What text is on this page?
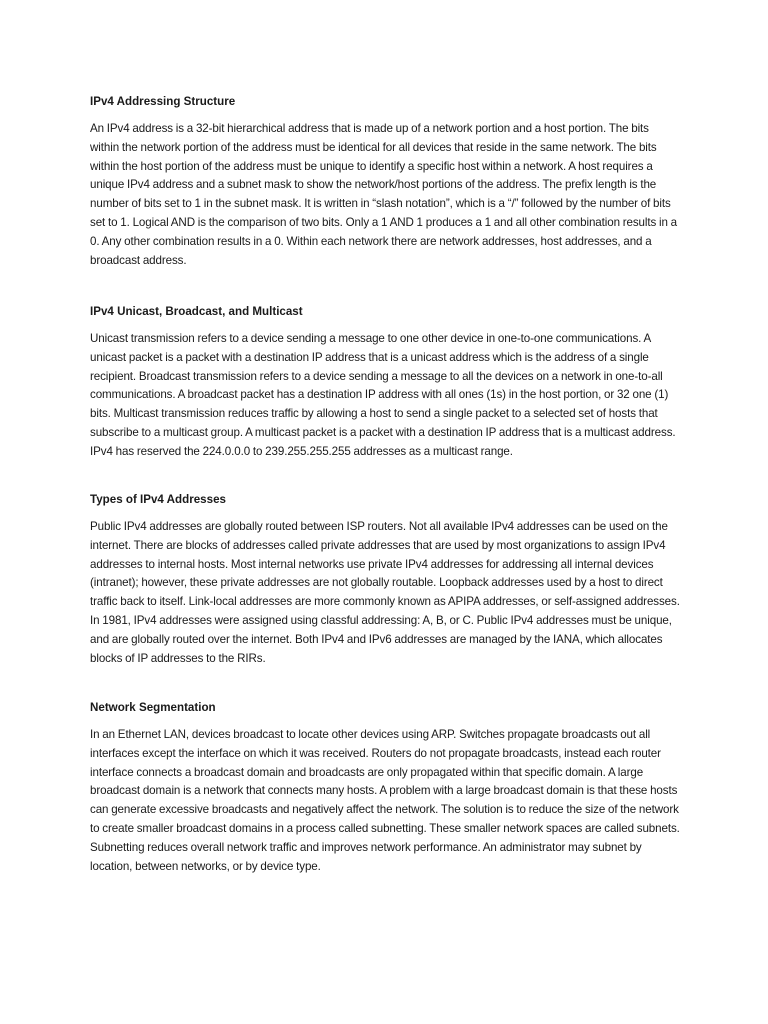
IPv4 Addressing Structure

An IPv4 address is a 32-bit hierarchical address that is made up of a network portion and a host portion. The bits within the network portion of the address must be identical for all devices that reside in the same network. The bits within the host portion of the address must be unique to identify a specific host within a network. A host requires a unique IPv4 address and a subnet mask to show the network/host portions of the address. The prefix length is the number of bits set to 1 in the subnet mask. It is written in “slash notation”, which is a “/” followed by the number of bits set to 1. Logical AND is the comparison of two bits. Only a 1 AND 1 produces a 1 and all other combination results in a 0. Any other combination results in a 0. Within each network there are network addresses, host addresses, and a broadcast address.

IPv4 Unicast, Broadcast, and Multicast

Unicast transmission refers to a device sending a message to one other device in one-to-one communications. A unicast packet is a packet with a destination IP address that is a unicast address which is the address of a single recipient. Broadcast transmission refers to a device sending a message to all the devices on a network in one-to-all communications. A broadcast packet has a destination IP address with all ones (1s) in the host portion, or 32 one (1) bits. Multicast transmission reduces traffic by allowing a host to send a single packet to a selected set of hosts that subscribe to a multicast group. A multicast packet is a packet with a destination IP address that is a multicast address. IPv4 has reserved the 224.0.0.0 to 239.255.255.255 addresses as a multicast range.

Types of IPv4 Addresses

Public IPv4 addresses are globally routed between ISP routers. Not all available IPv4 addresses can be used on the internet. There are blocks of addresses called private addresses that are used by most organizations to assign IPv4 addresses to internal hosts. Most internal networks use private IPv4 addresses for addressing all internal devices (intranet); however, these private addresses are not globally routable. Loopback addresses used by a host to direct traffic back to itself. Link-local addresses are more commonly known as APIPA addresses, or self-assigned addresses. In 1981, IPv4 addresses were assigned using classful addressing: A, B, or C. Public IPv4 addresses must be unique, and are globally routed over the internet. Both IPv4 and IPv6 addresses are managed by the IANA, which allocates blocks of IP addresses to the RIRs.

Network Segmentation

In an Ethernet LAN, devices broadcast to locate other devices using ARP. Switches propagate broadcasts out all interfaces except the interface on which it was received. Routers do not propagate broadcasts, instead each router interface connects a broadcast domain and broadcasts are only propagated within that specific domain. A large broadcast domain is a network that connects many hosts. A problem with a large broadcast domain is that these hosts can generate excessive broadcasts and negatively affect the network. The solution is to reduce the size of the network to create smaller broadcast domains in a process called subnetting. These smaller network spaces are called subnets. Subnetting reduces overall network traffic and improves network performance. An administrator may subnet by location, between networks, or by device type.
